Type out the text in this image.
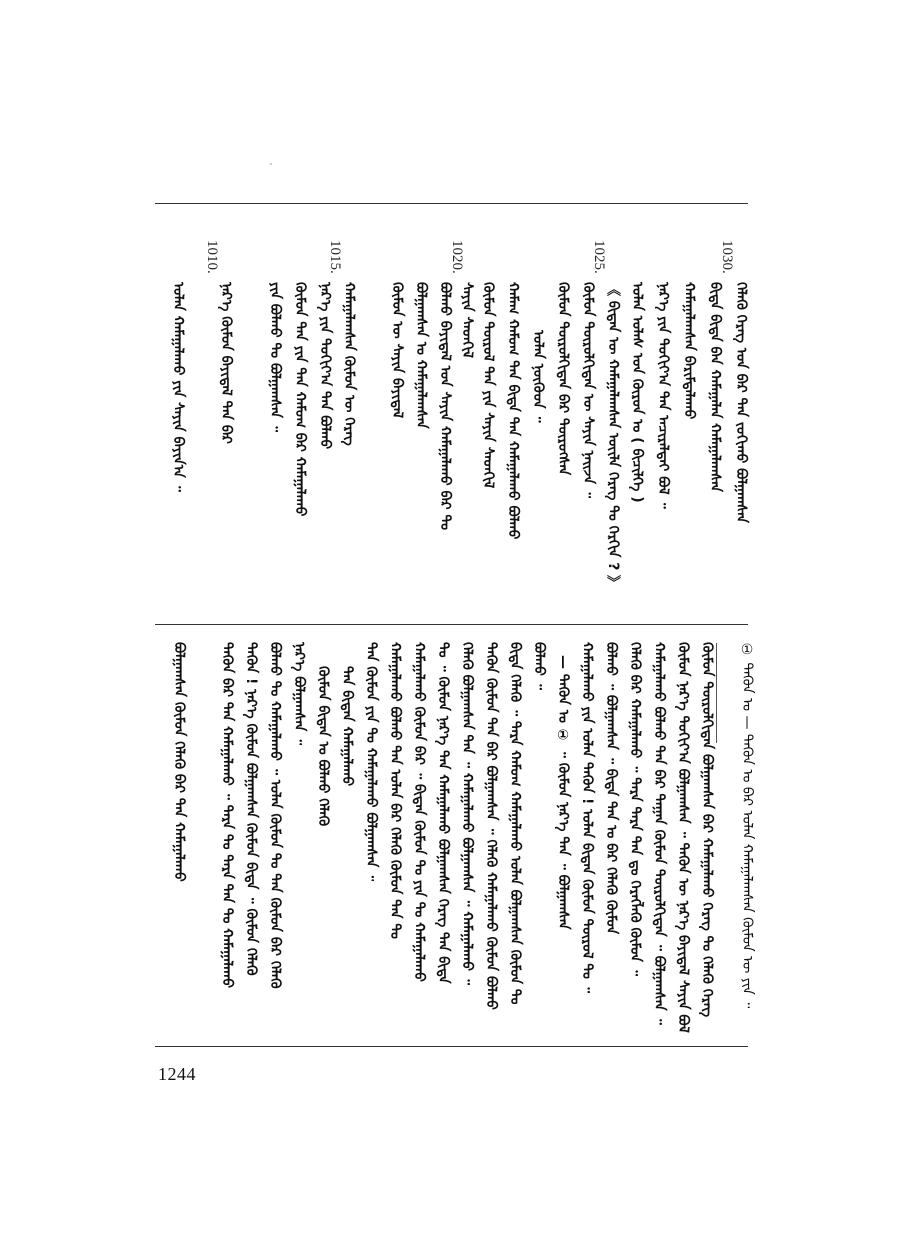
1030.
1025.
1020.
1015.
1010.
ᠬᠡᠯᠡᠬᠦ ᠬᠡᠷᠡᠭ ᠤᠨ ᠪᠡᠷ ᠲᠠᠨ ᠵᠣᠬᠢᠬᠤ ᠪᠣᠯᠭᠠᠭᠰᠠᠨ
ᠪᠢᠳᠡ ᠪᠢᠳᠡ ᠪᠡᠨ ᠬᠠᠮᠠᠭᠠᠯᠠᠨ ᠬᠠᠮᠠᠭᠠᠯᠠᠭᠰᠠᠨ
ᠬᠠᠮᠠᠭᠠᠯᠠᠭᠰᠠᠨ ᠪᠠᠷᠢᠮᠲᠠᠯᠠᠬᠤ
ᠨᠡᠷ᠎ᠡ ᠶᠢᠨ ᠲᠣᠬᠢᠶ᠎ᠠ ᠲᠠᠨ ᠠᠴᠢᠷᠠᠯᠲᠠᠢ ᠪᠣᠯ ᠃
ᠣᠯᠠᠨ ᠤᠯᠠᠰ ᠤᠨ ᠭᠦᠷᠦᠨ ᠤ ( ᠪᠢᠴᠢᠯᠭᠡ )
《 ᠪᠢᠳᠡᠨ ᠦ ᠬᠠᠮᠠᠭᠠᠯᠠᠭᠰᠠᠨ ᠦᠢᠯᠡ ᠬᠡᠷᠡᠭ ᠲᠤ ᠬᠡᠷᠬᠢᠨ ? 》
ᠬᠦᠮᠦᠨ ᠲᠥᠷᠦᠯᠬᠢᠲᠡᠨ ᠦ ᠰᠠᠶᠢᠨ ᠨᠠᠢᠵᠠ ᠃
ᠬᠦᠮᠦᠨ ᠲᠥᠷᠦᠯᠬᠢᠲᠡᠨ ᠪᠠᠷ ᠲᠥᠷᠦᠭᠰᠡᠨ
ᠣᠯᠠᠨ ᠨᠥᠬᠦᠳ ᠃
ᠬᠠᠮᠠᠭ ᠬᠠᠮᠤᠭ ᠲᠠᠨ ᠪᠢᠳᠡ ᠲᠠᠨ ᠬᠠᠮᠠᠭᠠᠯᠠᠬᠤ ᠪᠣᠯᠬᠤ
ᠬᠦᠮᠦᠨ ᠲᠥᠷᠦᠯ ᠲᠠᠨ ᠶᠢᠨ ᠰᠠᠶᠢᠨ ᠰᠡᠳᠬᠢᠯ
ᠰᠠᠶᠢᠨ ᠰᠡᠳᠬᠢᠯ
ᠪᠣᠯᠬᠤ ᠪᠠᠶᠢᠳᠠᠯ ᠤᠨ ᠰᠠᠶᠢᠨ ᠬᠠᠮᠠᠭᠠᠯᠠᠬᠤ ᠪᠠᠷ ᠲᠤ
ᠪᠣᠯᠭᠠᠭᠰᠠᠨ ᠤ ᠬᠠᠮᠠᠭᠠᠯᠠᠭᠰᠠᠨ
ᠬᠦᠮᠦᠨ ᠦ ᠰᠠᠶᠢᠨ ᠪᠠᠶᠢᠳᠠᠯ
ᠬᠠᠮᠠᠭᠠᠯᠠᠭᠰᠠᠨ ᠬᠦᠮᠦᠨ ᠦ ᠬᠡᠷᠡᠭ
ᠨᠡᠷ᠎ᠡ ᠶᠢᠨ ᠲᠣᠬᠢᠶ᠎ᠠ ᠲᠠᠨ ᠪᠣᠯᠬᠤ
ᠬᠦᠮᠦᠨ ᠲᠠᠨ ᠶᠢᠨ ᠲᠠᠨ ᠬᠠᠮᠤᠭ ᠪᠠᠷ ᠬᠠᠮᠠᠭᠠᠯᠠᠬᠤ
ᠶᠢᠨ ᠪᠣᠯᠬᠤ ᠲᠤ ᠪᠣᠯᠭᠠᠭᠰᠠᠨ ᠃
ᠨᠡᠷ᠎ᠡ ᠬᠦᠮᠦᠨ ᠪᠠᠶᠢᠳᠠᠯ ᠲᠠᠨ ᠪᠠᠷ
ᠣᠯᠠᠨ ᠬᠠᠮᠠᠭᠠᠯᠠᠬᠤ ᠶᠢᠨ ᠰᠠᠶᠢᠨ ᠪᠠᠶᠢᠨ᠎ᠠ ᠃
① ᠲᠡᠭᠦᠨ ᠤ — ᠲᠡᠭᠦᠨ ᠤ ᠪᠡᠷ ᠣᠯᠠᠨ ᠬᠠᠮᠠᠭᠠᠯᠠᠭᠰᠠᠨ ᠬᠦᠮᠦᠨ ᠦ ᠶᠢᠨ ᠃
ᠬᠦᠮᠦᠨ ᠲᠥᠷᠦᠯᠬᠢᠲᠡᠨ ᠪᠣᠯᠭᠠᠭᠰᠠᠨ ᠪᠠᠷ ᠬᠠᠮᠠᠭᠠᠯᠠᠬᠤ ᠬᠡᠷᠡᠭ ᠲᠤ ᠬᠡᠯᠡᠬᠦ ᠬᠡᠷᠡᠭ
ᠬᠦᠮᠦᠨ ᠨᠡᠷ᠎ᠡ ᠲᠣᠬᠢᠶ᠎ᠠ ᠪᠣᠯᠭᠠᠭᠰᠠᠨ ᠃ ᠲᠡᠭᠦᠨ ᠦ ᠨᠡᠷ᠎ᠡ ᠪᠠᠶᠢᠳᠠᠯ ᠰᠠᠶᠢᠨ ᠪᠣᠯ
ᠬᠠᠮᠠᠭᠠᠯᠠᠬᠤ ᠪᠣᠯᠬᠤ ᠲᠠᠨ ᠪᠠᠷ ᠳᠠᠭᠠᠨ ᠬᠦᠮᠦᠨ ᠲᠥᠷᠦᠯᠬᠢᠲᠡᠨ ᠃ ᠪᠣᠯᠭᠠᠭᠰᠠᠨ ᠃
ᠬᠡᠯᠡᠬᠦ ᠪᠠᠷ ᠬᠠᠮᠠᠭᠠᠯᠠᠬᠤ ᠃ ᠲᠡᠷᠡ ᠲᠡᠷᠡ ᠲᠠᠨ ᠳᠤ ᠬᠡᠷᠡᠭᠯᠡᠬᠦ ᠬᠦᠮᠦᠨ ᠃
ᠪᠣᠯᠬᠤ ᠃ ᠪᠣᠯᠭᠠᠭᠰᠠᠨ ᠃ ᠪᠢᠳᠡ ᠲᠠᠨ ᠤ ᠪᠡᠷ ᠬᠡᠯᠡᠬᠦ ᠬᠦᠮᠦᠨ
ᠬᠠᠮᠠᠭᠠᠯᠠᠬᠤ ᠶᠢᠨ ᠣᠯᠠᠨ ᠲᠡᠭᠦᠨ ! ᠣᠯᠠᠨ ᠪᠢᠳᠡᠨ ᠬᠦᠮᠦᠨ ᠲᠥᠷᠦᠯ ᠲᠤ ᠃
— ᠲᠡᠭᠦᠨ ᠤ ① ᠃ ᠬᠦᠮᠦᠨ ᠨᠡᠷ᠎ᠡ ᠲᠠᠨ ᠃ ᠪᠣᠯᠭᠠᠭᠰᠠᠨ
ᠪᠣᠯᠬᠤ ᠃
ᠪᠢᠳᠡ ᠬᠡᠯᠡᠬᠦ ᠃ ᠲᠡᠷᠡ ᠬᠠᠮᠤᠭ ᠬᠠᠮᠠᠭᠠᠯᠠᠬᠤ ᠣᠯᠠᠨ ᠪᠣᠯᠭᠠᠭᠰᠠᠨ ᠬᠦᠮᠦᠨ ᠲᠤ
ᠲᠡᠭᠦᠨ ᠬᠦᠮᠦᠨ ᠲᠠᠨ ᠪᠡᠷ ᠪᠣᠯᠭᠠᠭᠰᠠᠨ ᠃ ᠬᠡᠯᠡᠬᠦ ᠬᠠᠮᠠᠭᠠᠯᠠᠬᠤ ᠬᠦᠮᠦᠨ ᠪᠣᠯᠬᠤ
ᠬᠡᠯᠡᠬᠦ ᠪᠣᠯᠭᠠᠭᠰᠠᠨ ᠲᠠᠨ ᠃ ᠬᠠᠮᠠᠭᠠᠯᠠᠬᠤ ᠪᠣᠯᠭᠠᠭᠰᠠᠨ ᠃ ᠬᠠᠮᠠᠭᠠᠯᠠᠬᠤ ᠃
ᠲᠤ ᠃ ᠬᠦᠮᠦᠨ ᠨᠡᠷ᠎ᠡ ᠲᠠᠨ ᠬᠠᠮᠠᠭᠠᠯᠠᠬᠤ ᠪᠣᠯᠭᠠᠭᠰᠠᠨ ᠬᠡᠷᠡᠭ ᠲᠠᠨ ᠪᠢᠳᠡ
ᠬᠠᠮᠠᠭᠠᠯᠠᠬᠤ ᠬᠦᠮᠦᠨ ᠪᠠᠷ ᠃ ᠪᠢᠳᠡᠨ ᠬᠦᠮᠦᠨ ᠲᠤ ᠶᠢᠨ ᠲᠤ ᠬᠠᠮᠠᠭᠠᠯᠠᠬᠤ
ᠬᠠᠮᠠᠭᠠᠯᠠᠬᠤ ᠪᠣᠯᠬᠤ ᠲᠠᠨ ᠣᠯᠠᠨ ᠪᠠᠷ ᠬᠡᠯᠡᠬᠦ ᠬᠦᠮᠦᠨ ᠲᠠᠨ ᠲᠤ
ᠲᠠᠨ ᠬᠦᠮᠦᠨ ᠶᠢᠨ ᠲᠤ ᠬᠠᠮᠠᠭᠠᠯᠠᠬᠤ ᠪᠣᠯᠭᠠᠭᠰᠠᠨ ᠃
ᠲᠠᠨ ᠪᠢᠳᠡᠨ ᠬᠠᠮᠠᠭᠠᠯᠠᠬᠤ
ᠬᠦᠮᠦᠨ ᠪᠢᠳᠡᠨ ᠤ ᠪᠣᠯᠬᠤ ᠬᠡᠯᠡᠬᠦ
ᠨᠡᠷ᠎ᠡ ᠪᠣᠯᠭᠠᠭᠰᠠᠨ ᠃
ᠪᠣᠯᠬᠤ ᠲᠤ ᠬᠠᠮᠠᠭᠠᠯᠠᠬᠤ ᠃ ᠣᠯᠠᠨ ᠬᠦᠮᠦᠨ ᠲᠤ ᠲᠠᠨ ᠬᠦᠮᠦᠨ ᠪᠠᠷ ᠬᠡᠯᠡᠬᠦ
ᠲᠡᠭᠦᠨ ! ᠨᠡᠷ᠎ᠡ ᠬᠦᠮᠦᠨ ᠪᠣᠯᠭᠠᠭᠰᠠᠨ ᠬᠦᠮᠦᠨ ᠪᠢᠳᠡ ᠃ ᠬᠦᠮᠦᠨ ᠬᠡᠯᠡᠬᠦ
ᠲᠡᠭᠦᠨ ᠪᠠᠷ ᠲᠠᠨ ᠬᠠᠮᠠᠭᠠᠯᠠᠬᠤ ᠃ ᠲᠡᠷᠡ ᠲᠤ ᠲᠡᠷᠡ ᠲᠠᠨ ᠲᠤ ᠬᠠᠮᠠᠭᠠᠯᠠᠬᠤ
ᠪᠣᠯᠭᠠᠭᠰᠠᠨ ᠬᠦᠮᠦᠨ ᠬᠡᠯᠡᠬᠦ ᠪᠠᠷ ᠲᠠᠨ ᠬᠠᠮᠠᠭᠠᠯᠠᠬᠤ
1244
